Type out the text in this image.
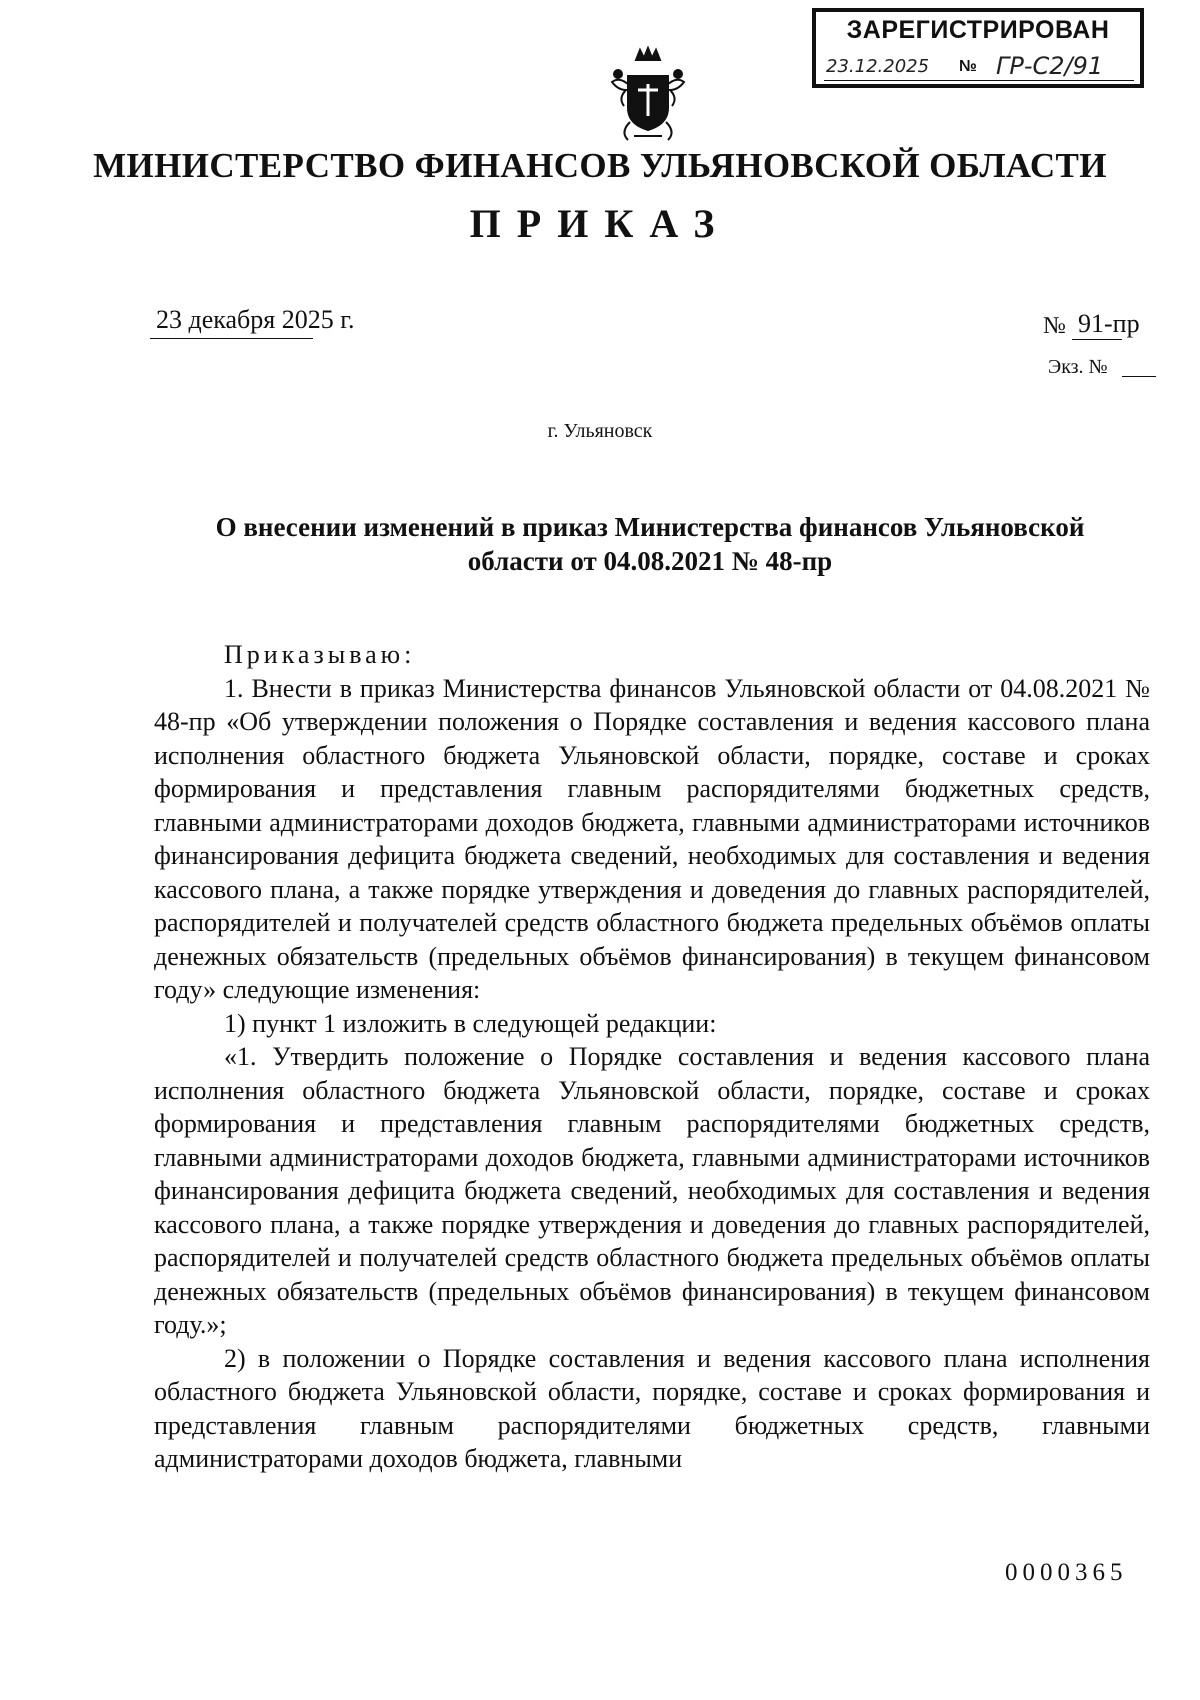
ЗАРЕГИСТРИРОВАН
23.12.2025 № ГР-С2/91
МИНИСТЕРСТВО ФИНАНСОВ УЛЬЯНОВСКОЙ ОБЛАСТИ
ПРИКАЗ
23 декабря 2025 г.	№ 91-пр
Экз. №
г. Ульяновск
О внесении изменений в приказ Министерства финансов Ульяновской
области от 04.08.2021 № 48-пр

Приказываю:

1. Внести в приказ Министерства финансов Ульяновской области от 04.08.2021 № 48-пр «Об утверждении положения о Порядке составления и ведения кассового плана исполнения областного бюджета Ульяновской области, порядке, составе и сроках формирования и представления главным распорядителями бюджетных средств, главными администраторами доходов бюджета, главными администраторами источников финансирования дефицита бюджета сведений, необходимых для составления и ведения кассового плана, а также порядке утверждения и доведения до главных распорядителей, распорядителей и получателей средств областного бюджета предельных объёмов оплаты денежных обязательств (предельных объёмов финансирования) в текущем финансовом году» следующие изменения:

1) пункт 1 изложить в следующей редакции:

«1. Утвердить положение о Порядке составления и ведения кассового плана исполнения областного бюджета Ульяновской области, порядке, составе и сроках формирования и представления главным распорядителями бюджетных средств, главными администраторами доходов бюджета, главными администраторами источников финансирования дефицита бюджета сведений, необходимых для составления и ведения кассового плана, а также порядке утверждения и доведения до главных распорядителей, распорядителей и получателей средств областного бюджета предельных объёмов оплаты денежных обязательств (предельных объёмов финансирования) в текущем финансовом году.»;

2) в положении о Порядке составления и ведения кассового плана исполнения областного бюджета Ульяновской области, порядке, составе и сроках формирования и представления главным распорядителями бюджетных средств, главными администраторами доходов бюджета, главными

0000365
